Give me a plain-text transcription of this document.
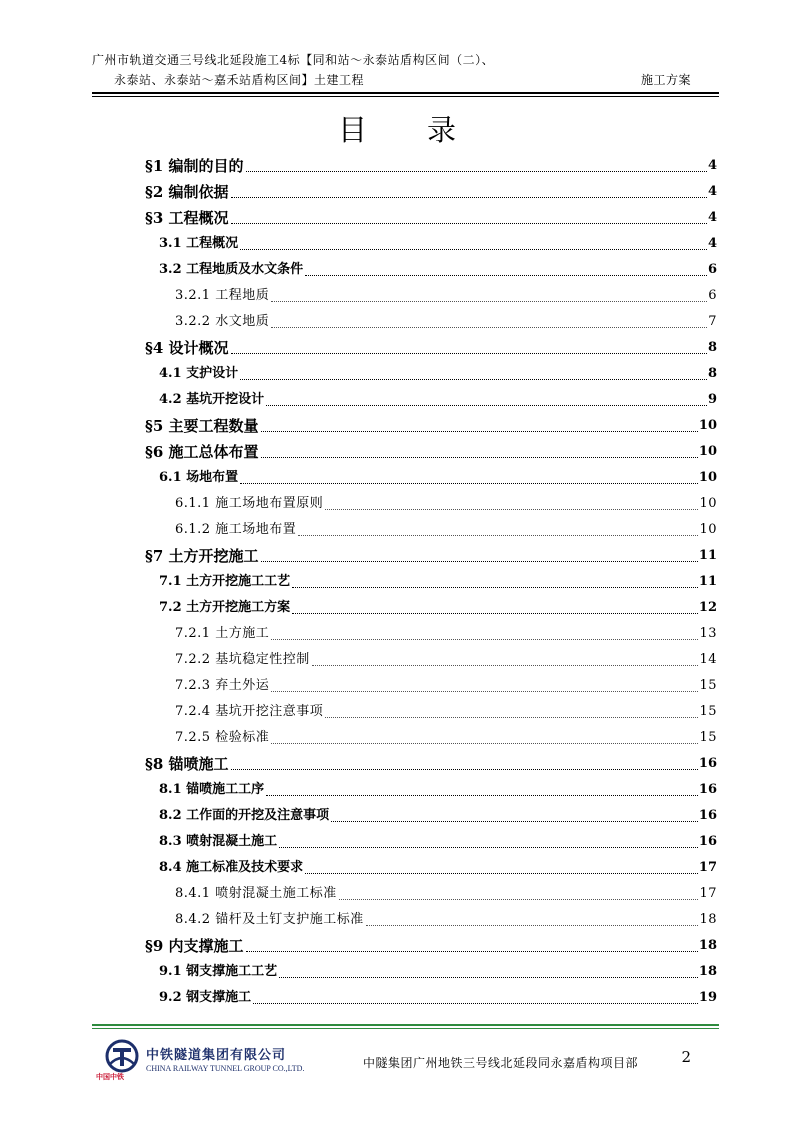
广州市轨道交通三号线北延段施工4标【同和站～永泰站盾构区间（二）、
永泰站、永泰站～嘉禾站盾构区间】土建工程	施工方案
目录
§1 编制的目的	4
§2 编制依据	4
§3 工程概况	4
3.1 工程概况	4
3.2 工程地质及水文条件	6
3.2.1 工程地质	6
3.2.2 水文地质	7
§4 设计概况	8
4.1 支护设计	8
4.2 基坑开挖设计	9
§5 主要工程数量	10
§6 施工总体布置	10
6.1 场地布置	10
6.1.1 施工场地布置原则	10
6.1.2 施工场地布置	10
§7 土方开挖施工	11
7.1 土方开挖施工工艺	11
7.2 土方开挖施工方案	12
7.2.1 土方施工	13
7.2.2 基坑稳定性控制	14
7.2.3 弃土外运	15
7.2.4 基坑开挖注意事项	15
7.2.5 检验标准	15
§8 锚喷施工	16
8.1 锚喷施工工序	16
8.2 工作面的开挖及注意事项	16
8.3 喷射混凝土施工	16
8.4 施工标准及技术要求	17
8.4.1 喷射混凝土施工标准	17
8.4.2 锚杆及土钉支护施工标准	18
§9 内支撑施工	18
9.1 钢支撑施工工艺	18
9.2 钢支撑施工	19
中国中铁
中铁隧道集团有限公司
CHINA RAILWAY TUNNEL GROUP CO.,LTD.	中隧集团广州地铁三号线北延段同永嘉盾构项目部	2
